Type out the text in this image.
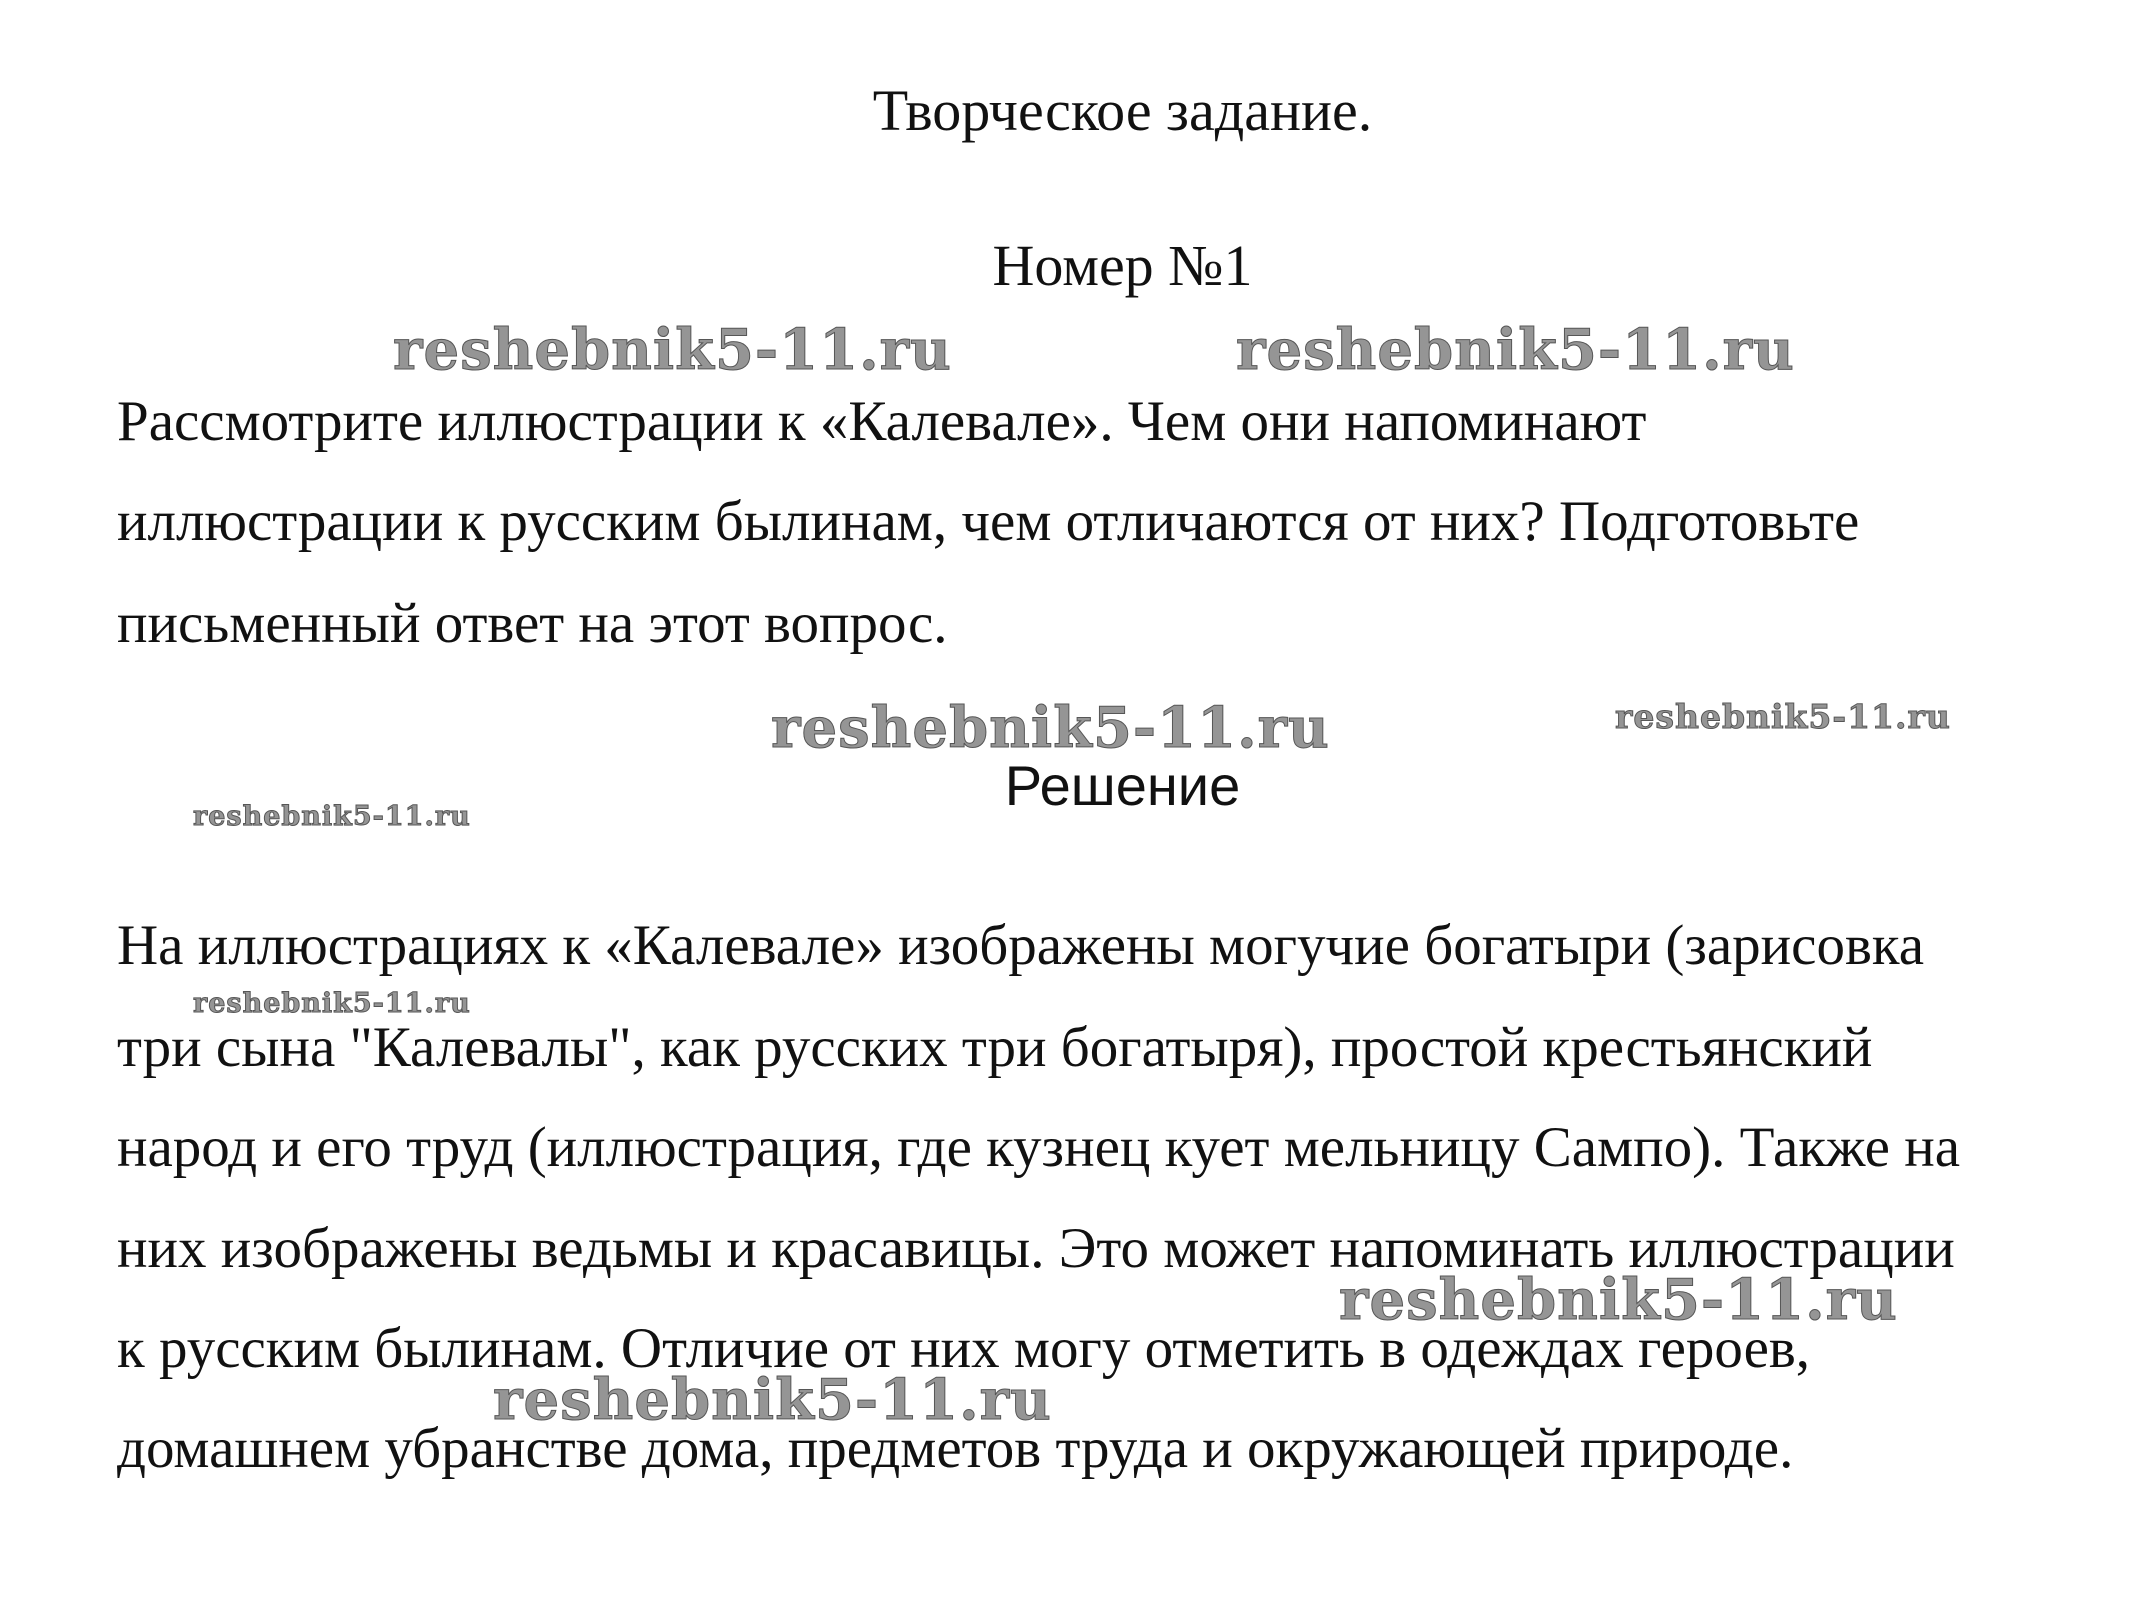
Творческое задание.
Номер №1
reshebnik5-11.ru	reshebnik5-11.ru
Рассмотрите иллюстрации к «Калевале». Чем они напоминают
иллюстрации к русским былинам, чем отличаются от них? Подготовьте
письменный ответ на этот вопрос.
reshebnik5-11.ru	reshebnik5-11.ru
Решение
reshebnik5-11.ru
На иллюстрациях к «Калевале» изображены могучие богатыри (зарисовка
reshebnik5-11.ru
три сына "Калевалы", как русских три богатыря), простой крестьянский
народ и его труд (иллюстрация, где кузнец кует мельницу Сампо). Также на
них изображены ведьмы и красавицы. Это может напоминать иллюстрации
reshebnik5-11.ru
к русским былинам. Отличие от них могу отметить в одеждах героев,
reshebnik5-11.ru
домашнем убранстве дома, предметов труда и окружающей природе.
